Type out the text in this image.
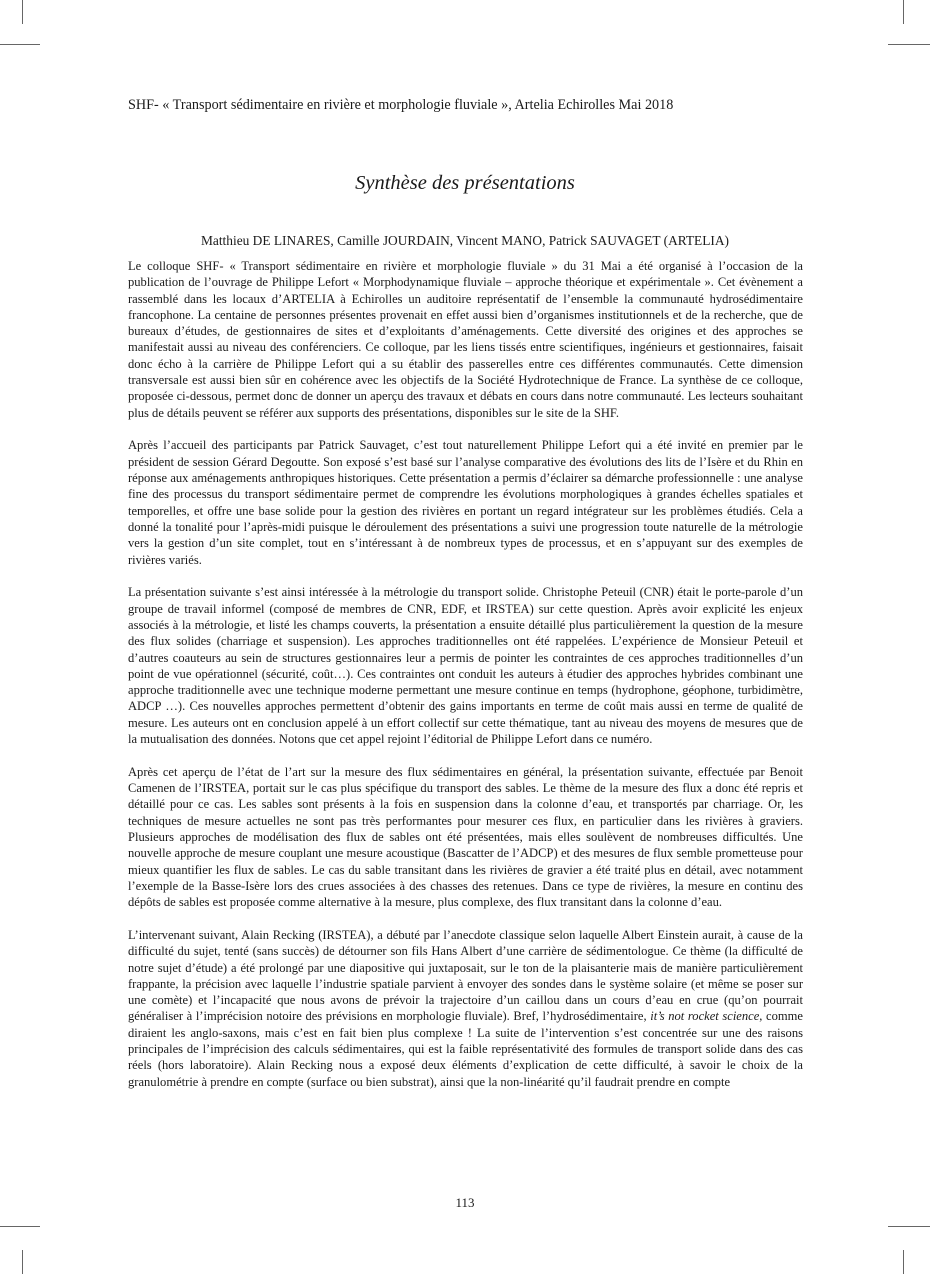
SHF- « Transport sédimentaire en rivière et morphologie fluviale », Artelia Echirolles Mai 2018
Synthèse des présentations
Matthieu DE LINARES, Camille JOURDAIN, Vincent MANO, Patrick SAUVAGET (ARTELIA)

Le colloque SHF- « Transport sédimentaire en rivière et morphologie fluviale » du 31 Mai a été organisé à l’occasion de la publication de l’ouvrage de Philippe Lefort « Morphodynamique fluviale – approche théorique et expérimentale ». Cet évènement a rassemblé dans les locaux d’ARTELIA à Echirolles un auditoire représentatif de l’ensemble la communauté hydrosédimentaire francophone. La centaine de personnes présentes provenait en effet aussi bien d’organismes institutionnels et de la recherche, que de bureaux d’études, de gestionnaires de sites et d’exploitants d’aménagements. Cette diversité des origines et des approches se manifestait aussi au niveau des conférenciers. Ce colloque, par les liens tissés entre scientifiques, ingénieurs et gestionnaires, faisait donc écho à la carrière de Philippe Lefort qui a su établir des passerelles entre ces différentes communautés. Cette dimension transversale est aussi bien sûr en cohérence avec les objectifs de la Société Hydrotechnique de France. La synthèse de ce colloque, proposée ci-dessous, permet donc de donner un aperçu des travaux et débats en cours dans notre communauté. Les lecteurs souhaitant plus de détails peuvent se référer aux supports des présentations, disponibles sur le site de la SHF.

Après l’accueil des participants par Patrick Sauvaget, c’est tout naturellement Philippe Lefort qui a été invité en premier par le président de session Gérard Degoutte. Son exposé s’est basé sur l’analyse comparative des évolutions des lits de l’Isère et du Rhin en réponse aux aménagements anthropiques historiques. Cette présentation a permis d’éclairer sa démarche professionnelle : une analyse fine des processus du transport sédimentaire permet de comprendre les évolutions morphologiques à grandes échelles spatiales et temporelles, et offre une base solide pour la gestion des rivières en portant un regard intégrateur sur les problèmes étudiés. Cela a donné la tonalité pour l’après-midi puisque le déroulement des présentations a suivi une progression toute naturelle de la métrologie vers la gestion d’un site complet, tout en s’intéressant à de nombreux types de processus, et en s’appuyant sur des exemples de rivières variés.

La présentation suivante s’est ainsi intéressée à la métrologie du transport solide. Christophe Peteuil (CNR) était le porte-parole d’un groupe de travail informel (composé de membres de CNR, EDF, et IRSTEA) sur cette question. Après avoir explicité les enjeux associés à la métrologie, et listé les champs couverts, la présentation a ensuite détaillé plus particulièrement la question de la mesure des flux solides (charriage et suspension). Les approches traditionnelles ont été rappelées. L’expérience de Monsieur Peteuil et d’autres coauteurs au sein de structures gestionnaires leur a permis de pointer les contraintes de ces approches traditionnelles d’un point de vue opérationnel (sécurité, coût…). Ces contraintes ont conduit les auteurs à étudier des approches hybrides combinant une approche traditionnelle avec une technique moderne permettant une mesure continue en temps (hydrophone, géophone, turbidimètre, ADCP …). Ces nouvelles approches permettent d’obtenir des gains importants en terme de coût mais aussi en terme de qualité de mesure. Les auteurs ont en conclusion appelé à un effort collectif sur cette thématique, tant au niveau des moyens de mesures que de la mutualisation des données. Notons que cet appel rejoint l’éditorial de Philippe Lefort dans ce numéro.

Après cet aperçu de l’état de l’art sur la mesure des flux sédimentaires en général, la présentation suivante, effectuée par Benoit Camenen de l’IRSTEA, portait sur le cas plus spécifique du transport des sables. Le thème de la mesure des flux a donc été repris et détaillé pour ce cas. Les sables sont présents à la fois en suspension dans la colonne d’eau, et transportés par charriage. Or, les techniques de mesure actuelles ne sont pas très performantes pour mesurer ces flux, en particulier dans les rivières à graviers. Plusieurs approches de modélisation des flux de sables ont été présentées, mais elles soulèvent de nombreuses difficultés. Une nouvelle approche de mesure couplant une mesure acoustique (Bascatter de l’ADCP) et des mesures de flux semble prometteuse pour mieux quantifier les flux de sables. Le cas du sable transitant dans les rivières de gravier a été traité plus en détail, avec notamment l’exemple de la Basse-Isère lors des crues associées à des chasses des retenues. Dans ce type de rivières, la mesure en continu des dépôts de sables est proposée comme alternative à la mesure, plus complexe, des flux transitant dans la colonne d’eau.

L’intervenant suivant, Alain Recking (IRSTEA), a débuté par l’anecdote classique selon laquelle Albert Einstein aurait, à cause de la difficulté du sujet, tenté (sans succès) de détourner son fils Hans Albert d’une carrière de sédimentologue. Ce thème (la difficulté de notre sujet d’étude) a été prolongé par une diapositive qui juxtaposait, sur le ton de la plaisanterie mais de manière particulièrement frappante, la précision avec laquelle l’industrie spatiale parvient à envoyer des sondes dans le système solaire (et même se poser sur une comète) et l’incapacité que nous avons de prévoir la trajectoire d’un caillou dans un cours d’eau en crue (qu’on pourrait généraliser à l’imprécision notoire des prévisions en morphologie fluviale). Bref, l’hydrosédimentaire, it’s not rocket science, comme diraient les anglo-saxons, mais c’est en fait bien plus complexe ! La suite de l’intervention s’est concentrée sur une des raisons principales de l’imprécision des calculs sédimentaires, qui est la faible représentativité des formules de transport solide dans des cas réels (hors laboratoire). Alain Recking nous a exposé deux éléments d’explication de cette difficulté, à savoir le choix de la granulométrie à prendre en compte (surface ou bien substrat), ainsi que la non-linéarité qu’il faudrait prendre en compte

113
